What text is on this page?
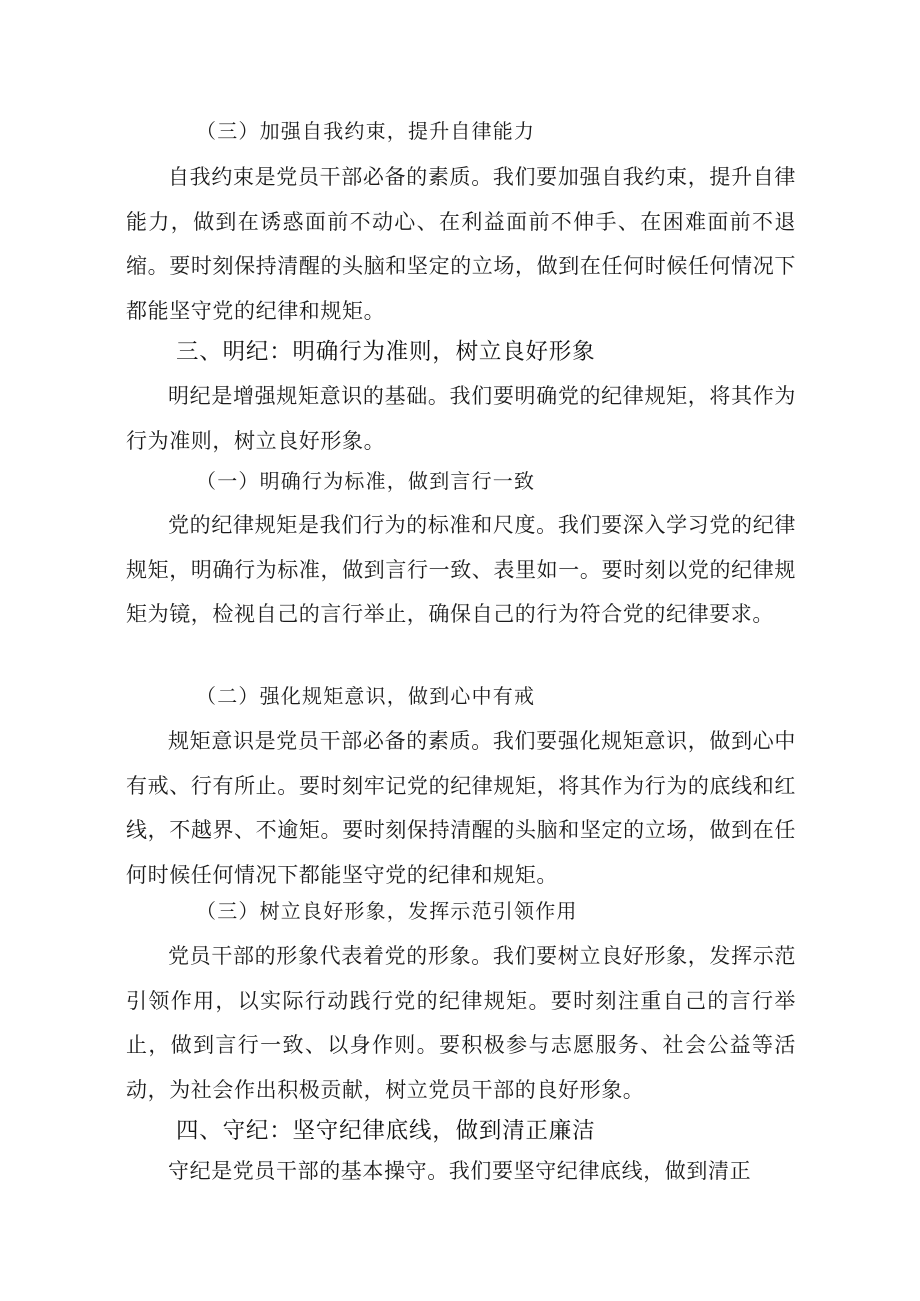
（三）加强自我约束，提升自律能力

自我约束是党员干部必备的素质。我们要加强自我约束，提升自律能力，做到在诱惑面前不动心、在利益面前不伸手、在困难面前不退缩。要时刻保持清醒的头脑和坚定的立场，做到在任何时候任何情况下都能坚守党的纪律和规矩。

三、明纪：明确行为准则，树立良好形象

明纪是增强规矩意识的基础。我们要明确党的纪律规矩，将其作为行为准则，树立良好形象。

（一）明确行为标准，做到言行一致

党的纪律规矩是我们行为的标准和尺度。我们要深入学习党的纪律规矩，明确行为标准，做到言行一致、表里如一。要时刻以党的纪律规矩为镜，检视自己的言行举止，确保自己的行为符合党的纪律要求。

（二）强化规矩意识，做到心中有戒

规矩意识是党员干部必备的素质。我们要强化规矩意识，做到心中有戒、行有所止。要时刻牢记党的纪律规矩，将其作为行为的底线和红线，不越界、不逾矩。要时刻保持清醒的头脑和坚定的立场，做到在任何时候任何情况下都能坚守党的纪律和规矩。

（三）树立良好形象，发挥示范引领作用

党员干部的形象代表着党的形象。我们要树立良好形象，发挥示范引领作用，以实际行动践行党的纪律规矩。要时刻注重自己的言行举止，做到言行一致、以身作则。要积极参与志愿服务、社会公益等活动，为社会作出积极贡献，树立党员干部的良好形象。

四、守纪：坚守纪律底线，做到清正廉洁

守纪是党员干部的基本操守。我们要坚守纪律底线，做到清正
